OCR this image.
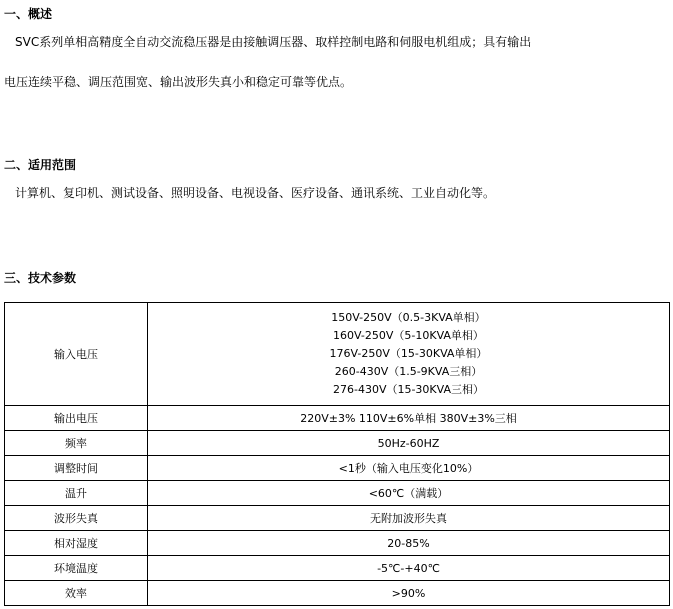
一、概述
SVC系列单相高精度全自动交流稳压器是由接触调压器、取样控制电路和伺服电机组成；具有输出
电压连续平稳、调压范围宽、输出波形失真小和稳定可靠等优点。
二、适用范围
计算机、复印机、测试设备、照明设备、电视设备、医疗设备、通讯系统、工业自动化等。
三、技术参数
输入电压	150V-250V（0.5-3KVA单相）
160V-250V（5-10KVA单相）
176V-250V（15-30KVA单相）
260-430V（1.5-9KVA三相）
276-430V（15-30KVA三相）

输出电压	220V±3% 110V±6%单相 380V±3%三相
频率	50Hz-60HZ
调整时间	<1秒（输入电压变化10%）
温升	<60℃（满载）
波形失真	无附加波形失真
相对湿度	20-85%
环境温度	-5℃-+40℃
效率	>90%
